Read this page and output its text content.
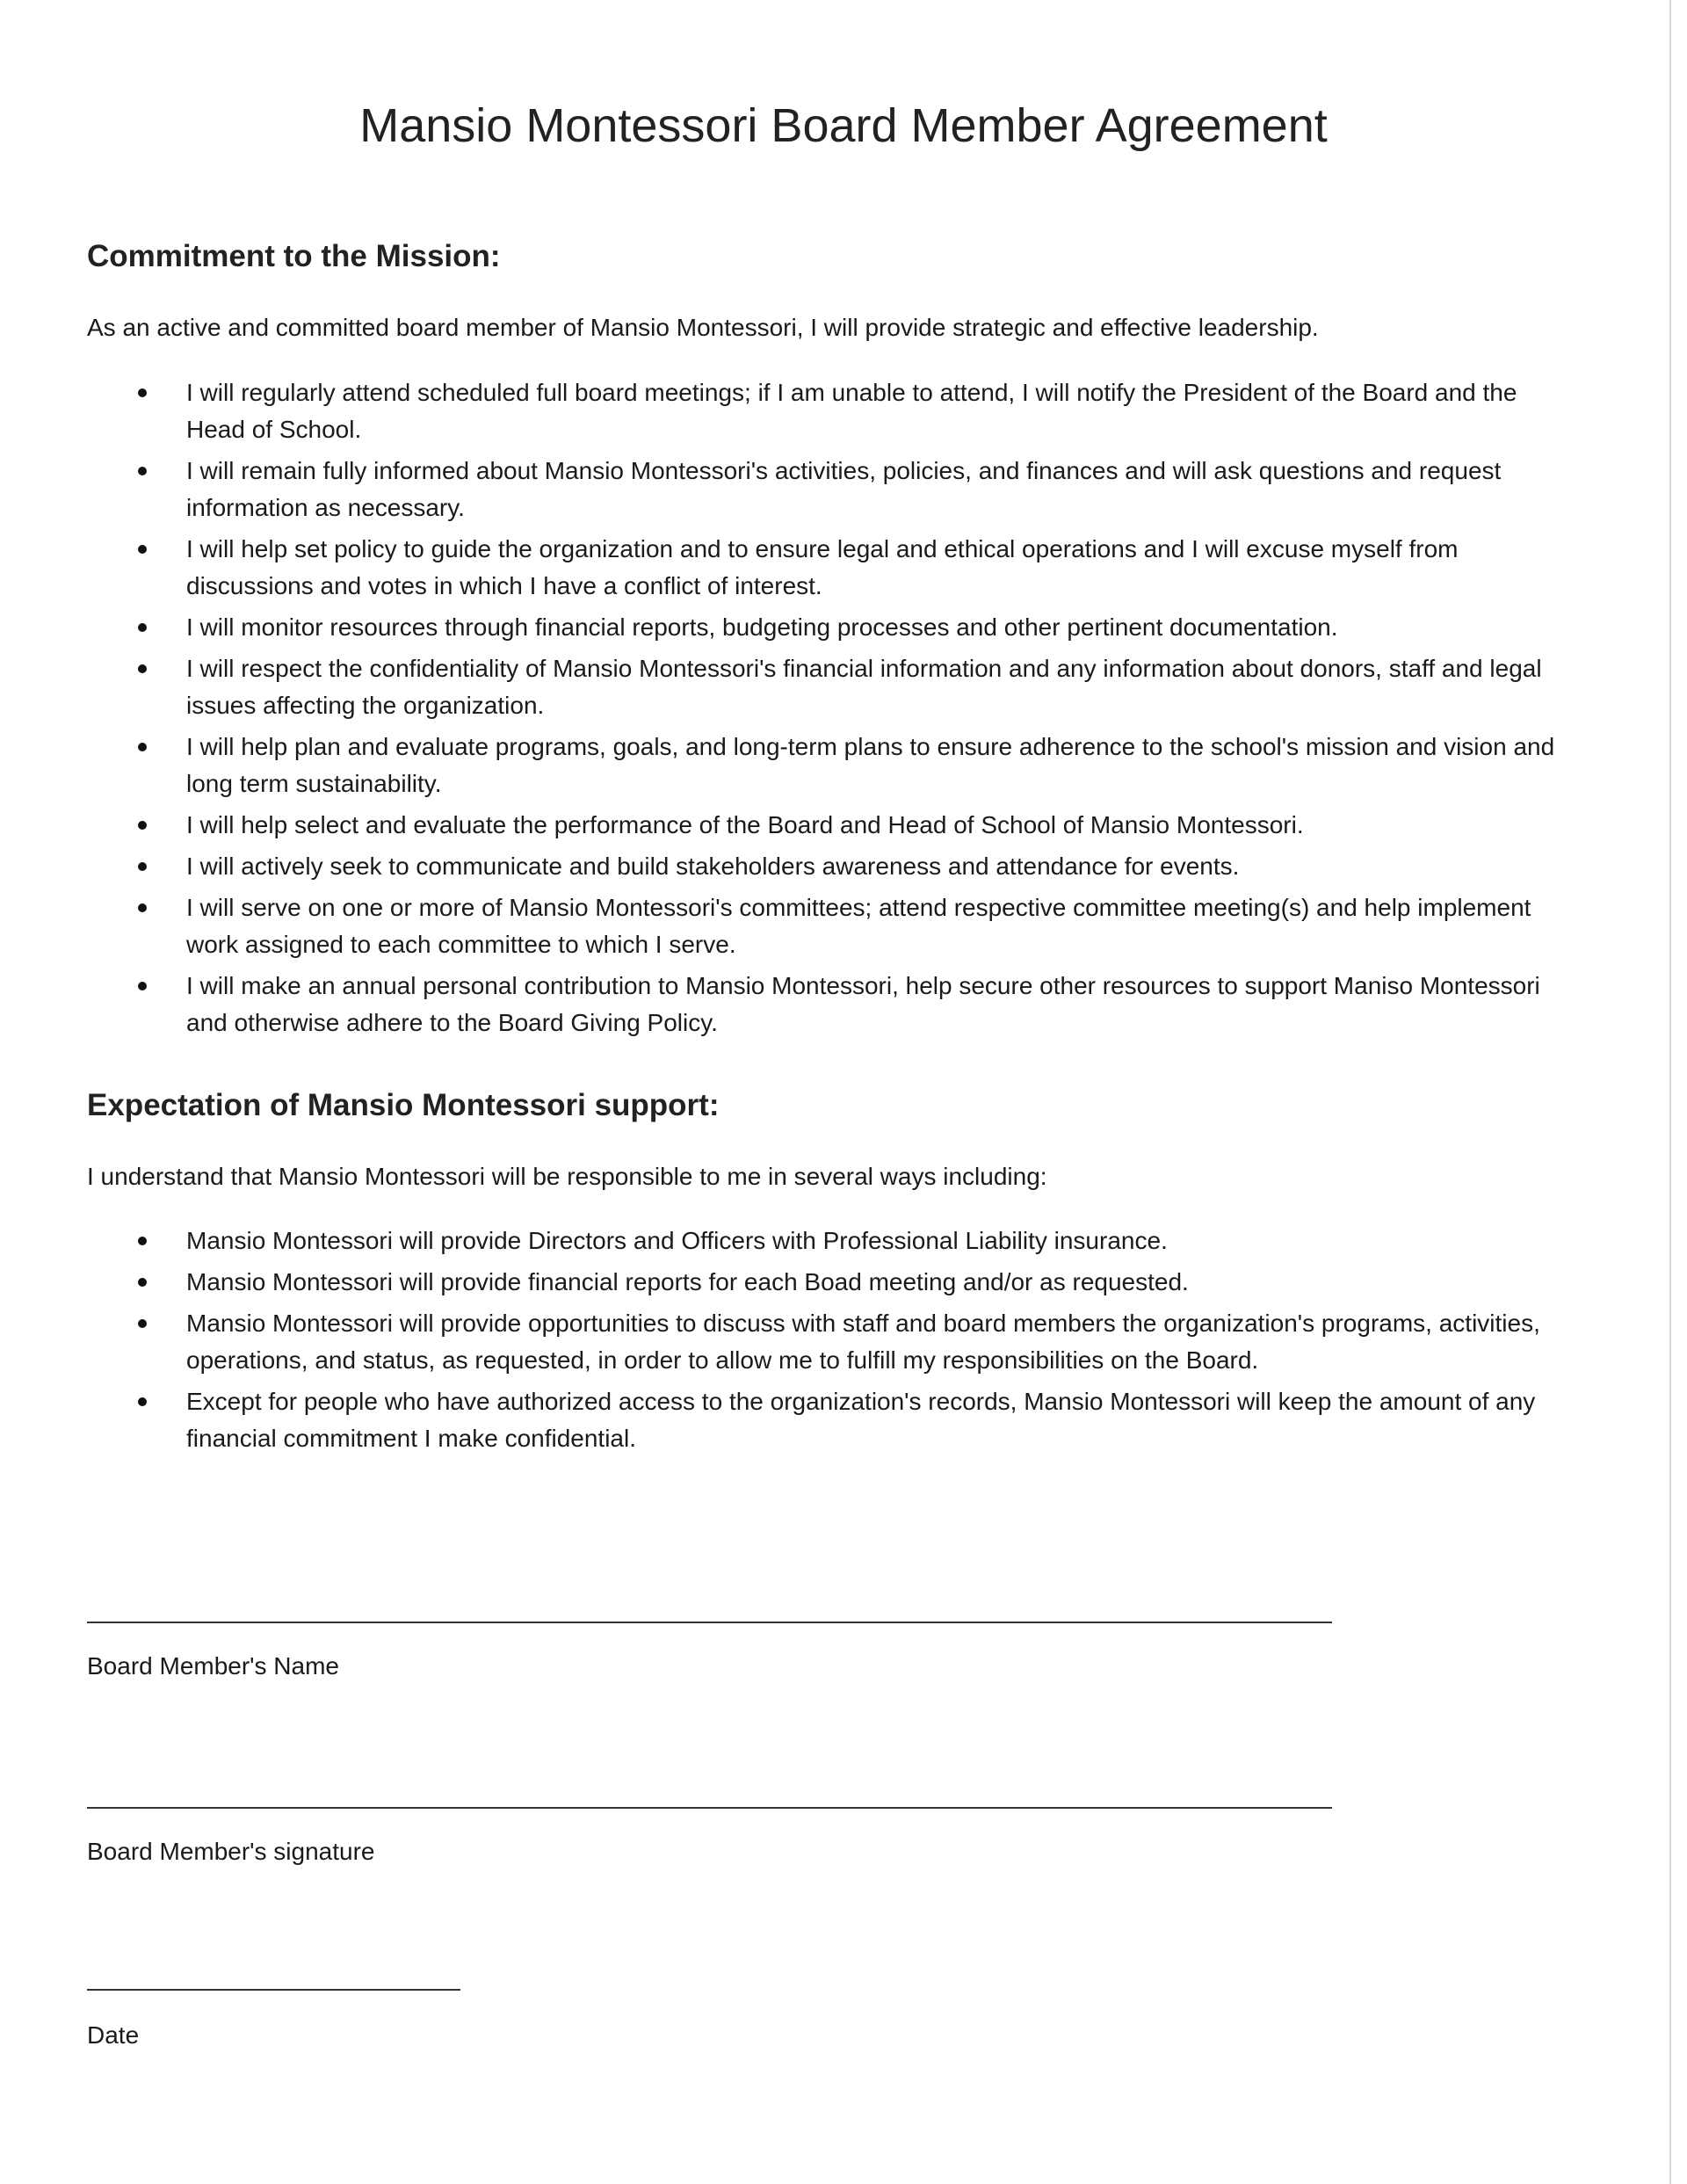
Mansio Montessori Board Member Agreement
Commitment to the Mission:
As an active and committed board member of Mansio Montessori, I will provide strategic and effective leadership.
I will regularly attend scheduled full board meetings; if I am unable to attend, I will notify the President of the Board and the Head of School.
I will remain fully informed about Mansio Montessori's activities, policies, and finances and will ask questions and request information as necessary.
I will help set policy to guide the organization and to ensure legal and ethical operations and I will excuse myself from discussions and votes in which I have a conflict of interest.
I will monitor resources through financial reports, budgeting processes and other pertinent documentation.
I will respect the confidentiality of Mansio Montessori's financial information and any information about donors, staff and legal issues affecting the organization.
I will help plan and evaluate programs, goals, and long-term plans to ensure adherence to the school's mission and vision and long term sustainability.
I will help select and evaluate the performance of the Board and Head of School of Mansio Montessori.
I will actively seek to communicate and build stakeholders awareness and attendance for events.
I will serve on one or more of Mansio Montessori's committees; attend respective committee meeting(s) and help implement work assigned to each committee to which I serve.
I will make an annual personal contribution to Mansio Montessori, help secure other resources to support Maniso Montessori and otherwise adhere to the Board Giving Policy.
Expectation of Mansio Montessori support:
I understand that Mansio Montessori will be responsible to me in several ways including:
Mansio Montessori will provide Directors and Officers with Professional Liability insurance.
Mansio Montessori will provide financial reports for each Boad meeting and/or as requested.
Mansio Montessori will provide opportunities to discuss with staff and board members the organization's programs, activities, operations, and status, as requested, in order to allow me to fulfill my responsibilities on the Board.
Except for people who have authorized access to the organization's records, Mansio Montessori will keep the amount of any financial commitment I make confidential.
Board Member's Name
Board Member's signature
Date
